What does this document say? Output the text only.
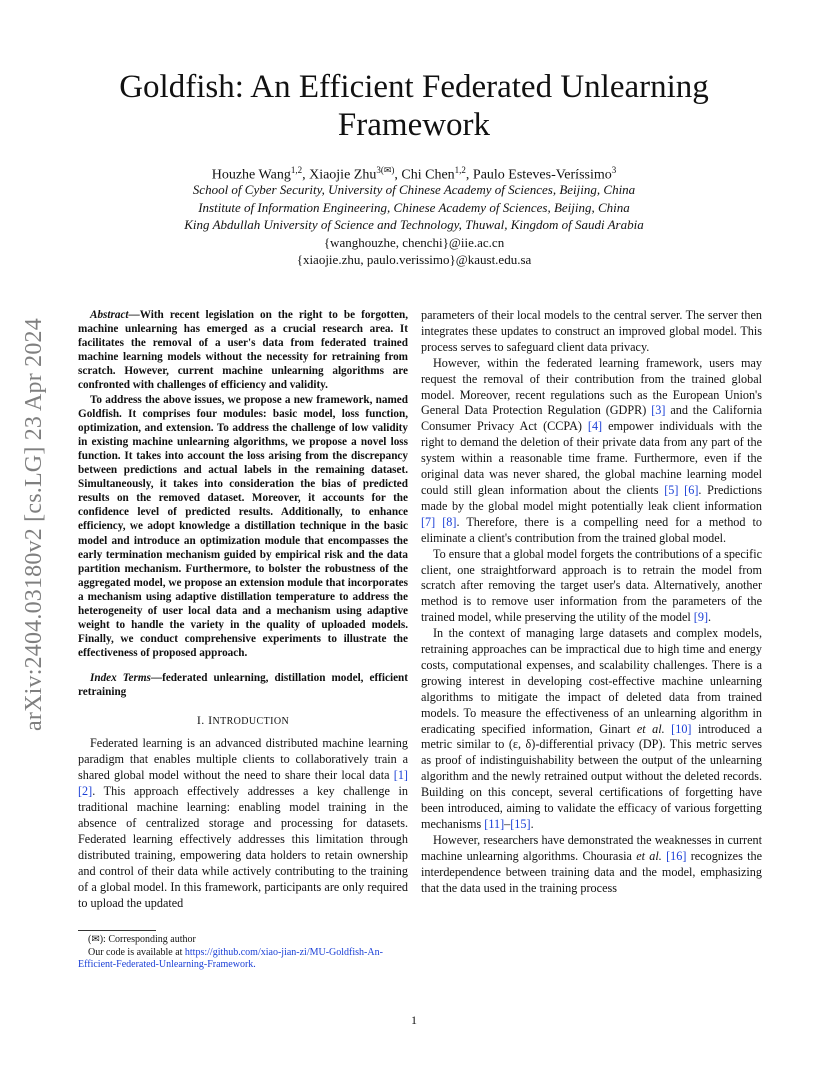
arXiv:2404.03180v2 [cs.LG] 23 Apr 2024
Goldfish: An Efficient Federated Unlearning
Framework
Houzhe Wang$^{1,2}$, Xiaojie Zhu$^{3(✉)}$, Chi Chen$^{1,2}$, Paulo Esteves-Veríssimo$^3$
School of Cyber Security, University of Chinese Academy of Sciences, Beijing, China
Institute of Information Engineering, Chinese Academy of Sciences, Beijing, China
King Abdullah University of Science and Technology, Thuwal, Kingdom of Saudi Arabia
{wanghouzhe, chenchi}@iie.ac.cn
{xiaojie.zhu, paulo.verissimo}@kaust.edu.sa

Abstract—With recent legislation on the right to be forgotten, machine unlearning has emerged as a crucial research area. It facilitates the removal of a user's data from federated trained machine learning models without the necessity for retraining from scratch. However, current machine unlearning algorithms are confronted with challenges of efficiency and validity.

To address the above issues, we propose a new framework, named Goldfish. It comprises four modules: basic model, loss function, optimization, and extension. To address the challenge of low validity in existing machine unlearning algorithms, we propose a novel loss function. It takes into account the loss arising from the discrepancy between predictions and actual labels in the remaining dataset. Simultaneously, it takes into consideration the bias of predicted results on the removed dataset. Moreover, it accounts for the confidence level of predicted results. Additionally, to enhance efficiency, we adopt knowledge a distillation technique in the basic model and introduce an optimization module that encompasses the early termination mechanism guided by empirical risk and the data partition mechanism. Furthermore, to bolster the robustness of the aggregated model, we propose an extension module that incorporates a mechanism using adaptive distillation temperature to address the heterogeneity of user local data and a mechanism using adaptive weight to handle the variety in the quality of uploaded models. Finally, we conduct comprehensive experiments to illustrate the effectiveness of proposed approach.

Index Terms—federated unlearning, distillation model, efficient retraining

I. INTRODUCTION

Federated learning is an advanced distributed machine learning paradigm that enables multiple clients to collaboratively train a shared global model without the need to share their local data [1] [2]. This approach effectively addresses a key challenge in traditional machine learning: enabling model training in the absence of centralized storage and processing for datasets. Federated learning effectively addresses this limitation through distributed training, empowering data holders to retain ownership and control of their data while actively contributing to the training of a global model. In this framework, participants are only required to upload the updated

parameters of their local models to the central server. The server then integrates these updates to construct an improved global model. This process serves to safeguard client data privacy.

However, within the federated learning framework, users may request the removal of their contribution from the trained global model. Moreover, recent regulations such as the European Union's General Data Protection Regulation (GDPR) [3] and the California Consumer Privacy Act (CCPA) [4] empower individuals with the right to demand the deletion of their private data from any part of the system within a reasonable time frame. Furthermore, even if the original data was never shared, the global machine learning model could still glean information about the clients [5] [6]. Predictions made by the global model might potentially leak client information [7] [8]. Therefore, there is a compelling need for a method to eliminate a client's contribution from the trained global model.

To ensure that a global model forgets the contributions of a specific client, one straightforward approach is to retrain the model from scratch after removing the target user's data. Alternatively, another method is to remove user information from the parameters of the trained model, while preserving the utility of the model [9].

In the context of managing large datasets and complex models, retraining approaches can be impractical due to high time and energy costs, computational expenses, and scalability challenges. There is a growing interest in developing cost-effective machine unlearning algorithms to mitigate the impact of deleted data from trained models. To measure the effectiveness of an unlearning algorithm in eradicating specified information, Ginart et al. [10] introduced a metric similar to (ε, δ)-differential privacy (DP). This metric serves as proof of indistinguishability between the output of the unlearning algorithm and the newly retrained output without the deleted records. Building on this concept, several certifications of forgetting have been introduced, aiming to validate the efficacy of various forgetting mechanisms [11]–[15].

However, researchers have demonstrated the weaknesses in current machine unlearning algorithms. Chourasia et al. [16] recognizes the interdependence between training data and the model, emphasizing that the data used in the training process

(✉): Corresponding author

Our code is available at https://github.com/xiao-jian-zi/MU-Goldfish-An-Efficient-Federated-Unlearning-Framework.

1
